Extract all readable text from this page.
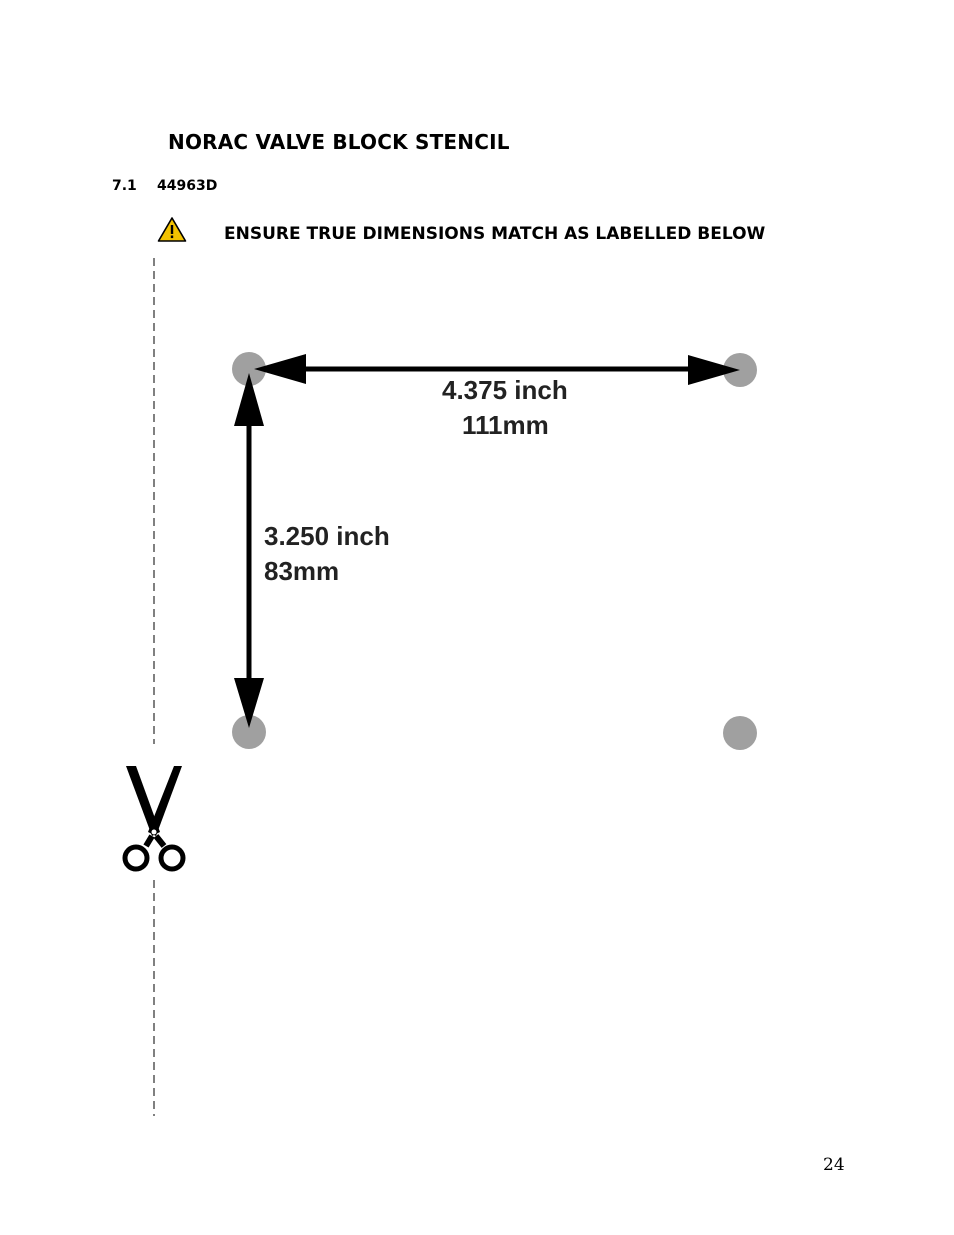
NORAC VALVE BLOCK STENCIL
7.1 44963D
ENSURE TRUE DIMENSIONS MATCH AS LABELLED BELOW
4.375 inch
111mm
3.250 inch
83mm
24
